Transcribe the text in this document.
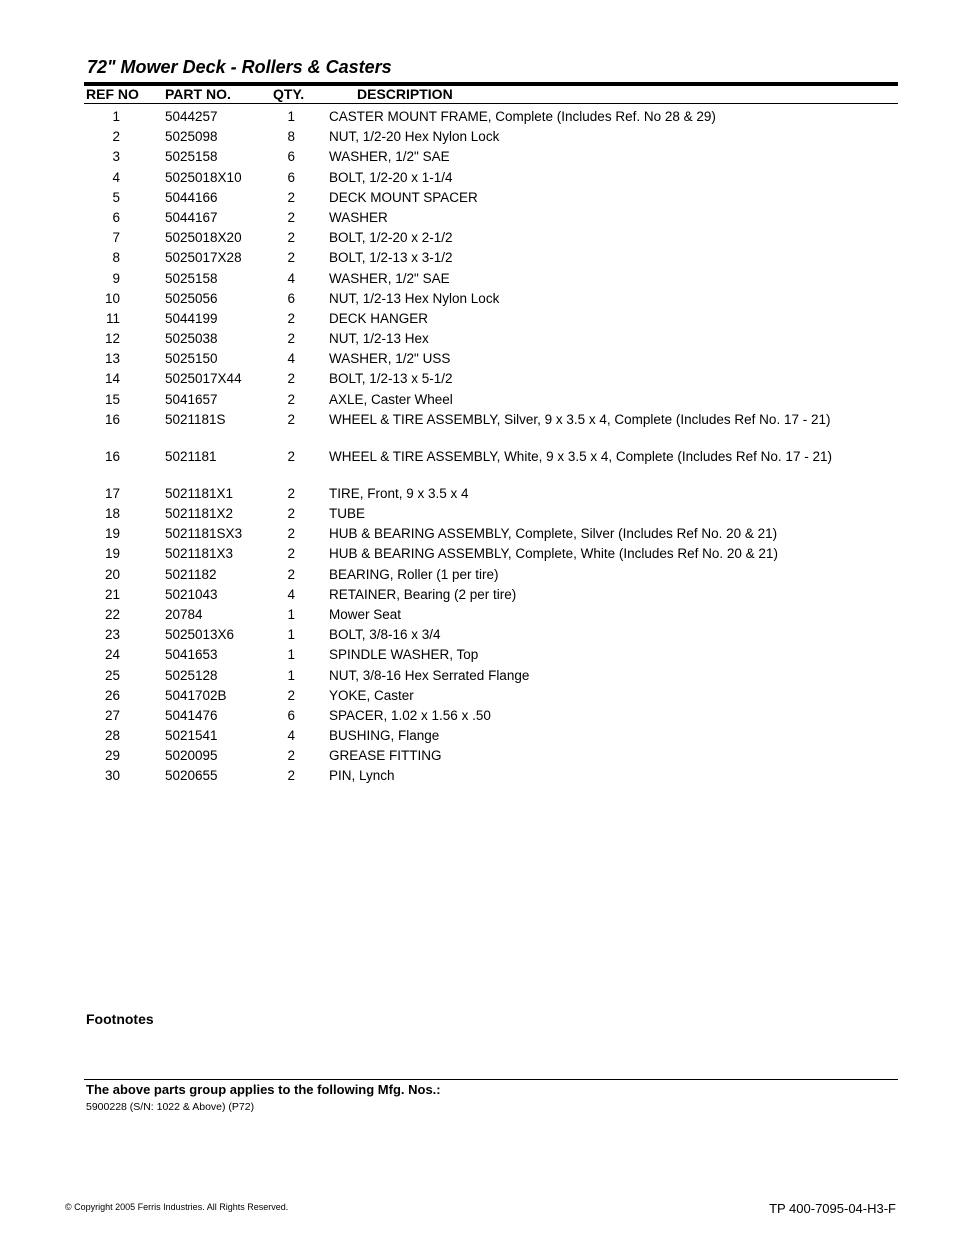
72" Mower Deck - Rollers & Casters
REF NO PART NO.	QTY.	DESCRIPTION
1	5044257	1	CASTER MOUNT FRAME, Complete (Includes Ref. No 28 & 29)
2	5025098	8	NUT, 1/2-20 Hex Nylon Lock
3	5025158	6	WASHER, 1/2" SAE
4	5025018X10	6	BOLT, 1/2-20 x 1-1/4
5	5044166	2	DECK MOUNT SPACER
6	5044167	2	WASHER
7	5025018X20	2	BOLT, 1/2-20 x 2-1/2
8	5025017X28	2	BOLT, 1/2-13 x 3-1/2
9	5025158	4	WASHER, 1/2" SAE
10	5025056	6	NUT, 1/2-13 Hex Nylon Lock
11	5044199	2	DECK HANGER
12	5025038	2	NUT, 1/2-13 Hex
13	5025150	4	WASHER, 1/2" USS
14	5025017X44	2	BOLT, 1/2-13 x 5-1/2
15	5041657	2	AXLE, Caster Wheel
16	5021181S	2	WHEEL & TIRE ASSEMBLY, Silver, 9 x 3.5 x 4, Complete (Includes Ref No. 17 - 21)
16	5021181	2	WHEEL & TIRE ASSEMBLY, White, 9 x 3.5 x 4, Complete (Includes Ref No. 17 - 21)
17	5021181X1	2	TIRE, Front, 9 x 3.5 x 4
18	5021181X2	2	TUBE
19	5021181SX3	2	HUB & BEARING ASSEMBLY, Complete, Silver (Includes Ref No. 20 & 21)
19	5021181X3	2	HUB & BEARING ASSEMBLY, Complete, White (Includes Ref No. 20 & 21)
20	5021182	2	BEARING, Roller (1 per tire)
21	5021043	4	RETAINER, Bearing (2 per tire)
22	20784	1	Mower Seat
23	5025013X6	1	BOLT, 3/8-16 x 3/4
24	5041653	1	SPINDLE WASHER, Top
25	5025128	1	NUT, 3/8-16 Hex Serrated Flange
26	5041702B	2	YOKE, Caster
27	5041476	6	SPACER, 1.02 x 1.56 x .50
28	5021541	4	BUSHING, Flange
29	5020095	2	GREASE FITTING
30	5020655	2	PIN, Lynch
Footnotes
The above parts group applies to the following Mfg. Nos.:
5900228 (S/N: 1022 & Above) (P72)
© Copyright 2005 Ferris Industries. All Rights Reserved.	TP 400-7095-04-H3-F
